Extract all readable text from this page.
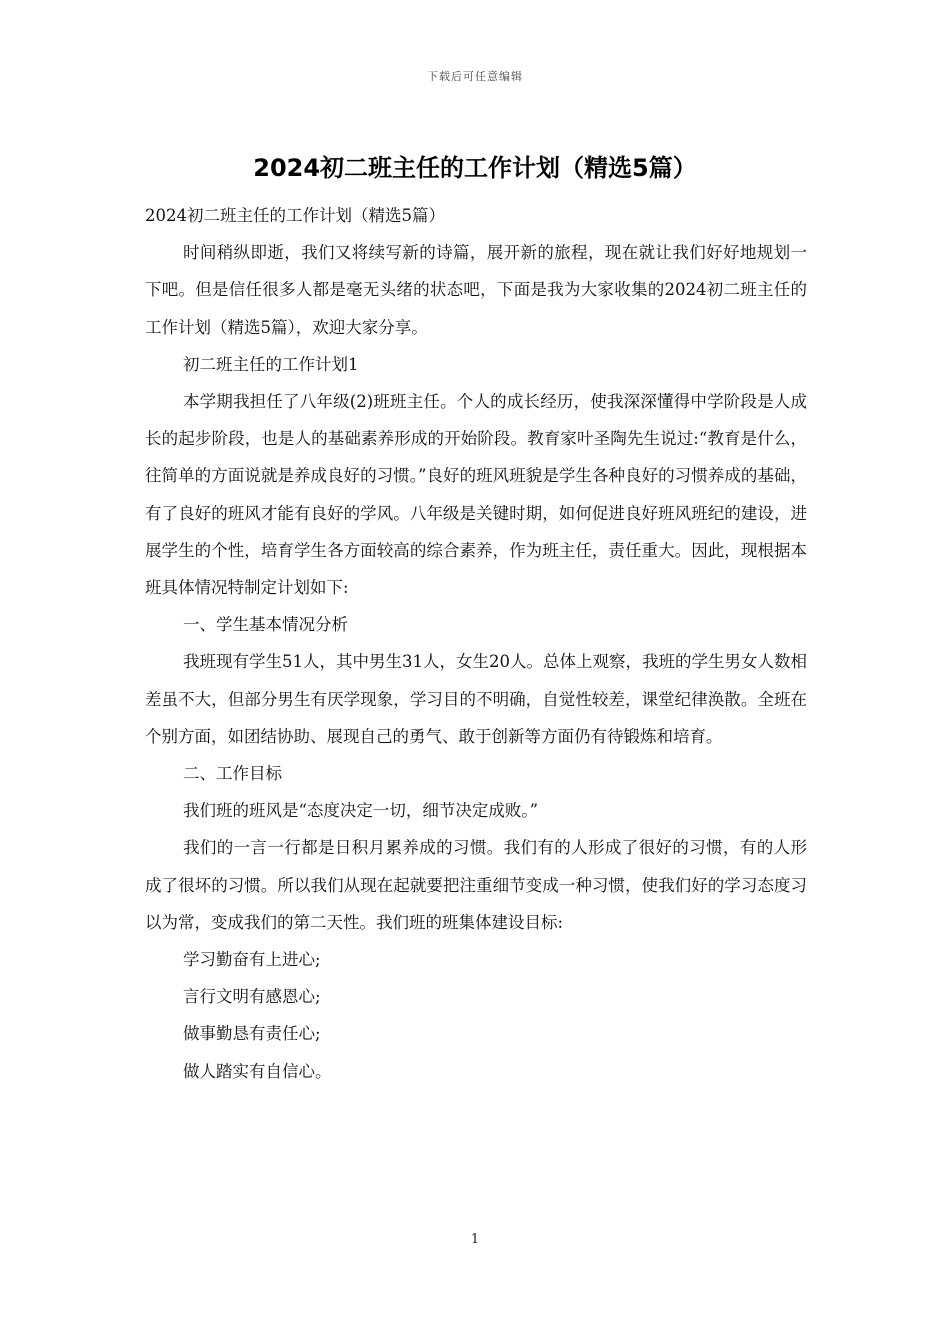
下载后可任意编辑
2024初二班主任的工作计划（精选5篇）

2024初二班主任的工作计划（精选5篇）

时间稍纵即逝，我们又将续写新的诗篇，展开新的旅程，现在就让我们好好地规划一下吧。但是信任很多人都是毫无头绪的状态吧，下面是我为大家收集的2024初二班主任的工作计划（精选5篇），欢迎大家分享。

初二班主任的工作计划1

本学期我担任了八年级(2)班班主任。个人的成长经历，使我深深懂得中学阶段是人成长的起步阶段，也是人的基础素养形成的开始阶段。教育家叶圣陶先生说过:“教育是什么，往简单的方面说就是养成良好的习惯。”良好的班风班貌是学生各种良好的习惯养成的基础，有了良好的班风才能有良好的学风。八年级是关键时期，如何促进良好班风班纪的建设，进展学生的个性，培育学生各方面较高的综合素养，作为班主任，责任重大。因此，现根据本班具体情况特制定计划如下:

一、学生基本情况分析

我班现有学生51人，其中男生31人，女生20人。总体上观察，我班的学生男女人数相差虽不大，但部分男生有厌学现象，学习目的不明确，自觉性较差，课堂纪律涣散。全班在个别方面，如团结协助、展现自己的勇气、敢于创新等方面仍有待锻炼和培育。

二、工作目标

我们班的班风是“态度决定一切，细节决定成败。”

我们的一言一行都是日积月累养成的习惯。我们有的人形成了很好的习惯，有的人形成了很坏的习惯。所以我们从现在起就要把注重细节变成一种习惯，使我们好的学习态度习以为常，变成我们的第二天性。我们班的班集体建设目标:

学习勤奋有上进心;

言行文明有感恩心;

做事勤恳有责任心;

做人踏实有自信心。

1
